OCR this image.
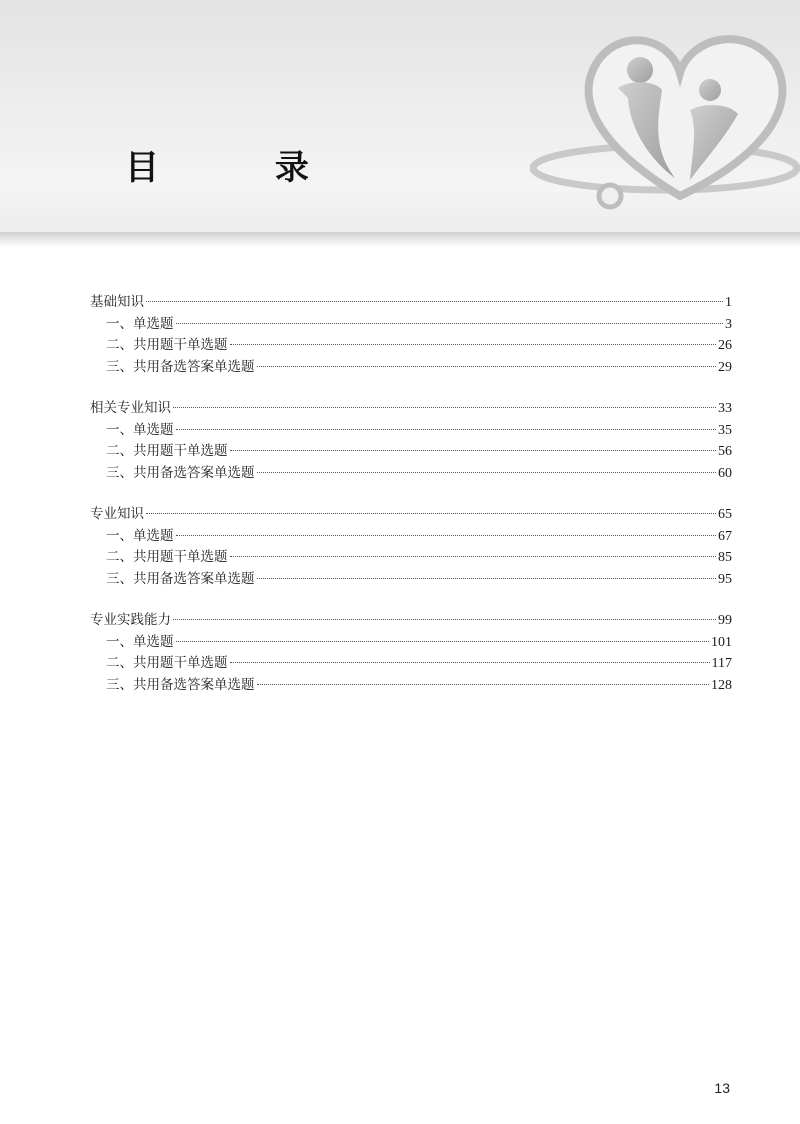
目 录
基础知识	1
一、单选题	3
二、共用题干单选题	26
三、共用备选答案单选题	29
相关专业知识	33
一、单选题	35
二、共用题干单选题	56
三、共用备选答案单选题	60
专业知识	65
一、单选题	67
二、共用题干单选题	85
三、共用备选答案单选题	95
专业实践能力	99
一、单选题	101
二、共用题干单选题	117
三、共用备选答案单选题	128
13
